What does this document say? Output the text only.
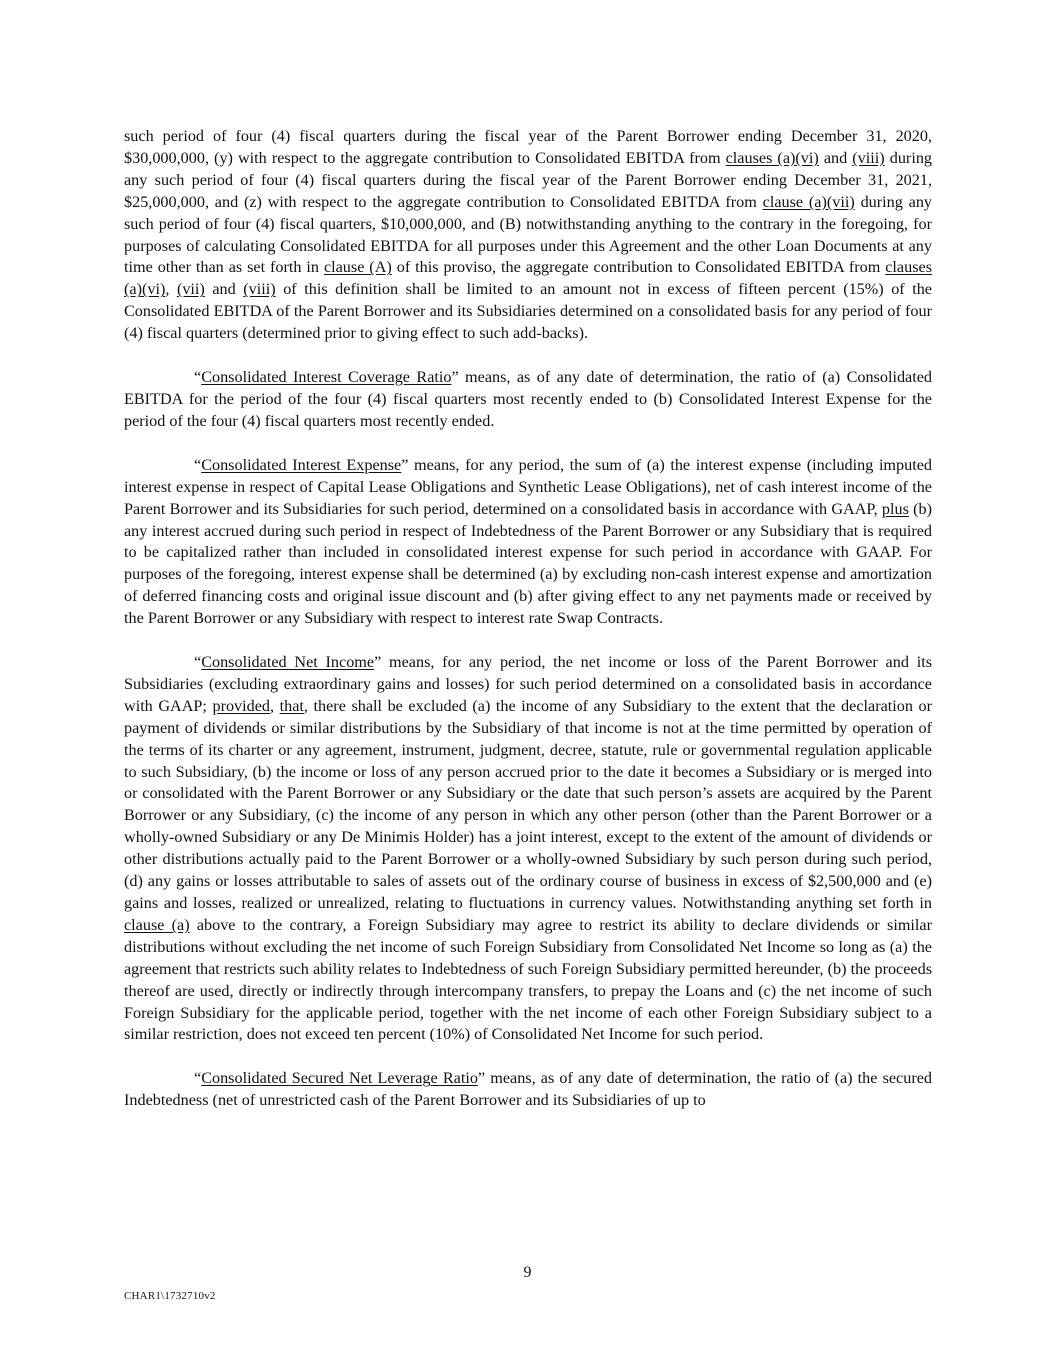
such period of four (4) fiscal quarters during the fiscal year of the Parent Borrower ending December 31, 2020, $30,000,000, (y) with respect to the aggregate contribution to Consolidated EBITDA from clauses (a)(vi) and (viii) during any such period of four (4) fiscal quarters during the fiscal year of the Parent Borrower ending December 31, 2021, $25,000,000, and (z) with respect to the aggregate contribution to Consolidated EBITDA from clause (a)(vii) during any such period of four (4) fiscal quarters, $10,000,000, and (B) notwithstanding anything to the contrary in the foregoing, for purposes of calculating Consolidated EBITDA for all purposes under this Agreement and the other Loan Documents at any time other than as set forth in clause (A) of this proviso, the aggregate contribution to Consolidated EBITDA from clauses (a)(vi), (vii) and (viii) of this definition shall be limited to an amount not in excess of fifteen percent (15%) of the Consolidated EBITDA of the Parent Borrower and its Subsidiaries determined on a consolidated basis for any period of four (4) fiscal quarters (determined prior to giving effect to such add-backs).

“Consolidated Interest Coverage Ratio” means, as of any date of determination, the ratio of (a) Consolidated EBITDA for the period of the four (4) fiscal quarters most recently ended to (b) Consolidated Interest Expense for the period of the four (4) fiscal quarters most recently ended.

“Consolidated Interest Expense” means, for any period, the sum of (a) the interest expense (including imputed interest expense in respect of Capital Lease Obligations and Synthetic Lease Obligations), net of cash interest income of the Parent Borrower and its Subsidiaries for such period, determined on a consolidated basis in accordance with GAAP, plus (b) any interest accrued during such period in respect of Indebtedness of the Parent Borrower or any Subsidiary that is required to be capitalized rather than included in consolidated interest expense for such period in accordance with GAAP. For purposes of the foregoing, interest expense shall be determined (a) by excluding non-cash interest expense and amortization of deferred financing costs and original issue discount and (b) after giving effect to any net payments made or received by the Parent Borrower or any Subsidiary with respect to interest rate Swap Contracts.

“Consolidated Net Income” means, for any period, the net income or loss of the Parent Borrower and its Subsidiaries (excluding extraordinary gains and losses) for such period determined on a consolidated basis in accordance with GAAP; provided, that, there shall be excluded (a) the income of any Subsidiary to the extent that the declaration or payment of dividends or similar distributions by the Subsidiary of that income is not at the time permitted by operation of the terms of its charter or any agreement, instrument, judgment, decree, statute, rule or governmental regulation applicable to such Subsidiary, (b) the income or loss of any person accrued prior to the date it becomes a Subsidiary or is merged into or consolidated with the Parent Borrower or any Subsidiary or the date that such person’s assets are acquired by the Parent Borrower or any Subsidiary, (c) the income of any person in which any other person (other than the Parent Borrower or a wholly-owned Subsidiary or any De Minimis Holder) has a joint interest, except to the extent of the amount of dividends or other distributions actually paid to the Parent Borrower or a wholly-owned Subsidiary by such person during such period, (d) any gains or losses attributable to sales of assets out of the ordinary course of business in excess of $2,500,000 and (e) gains and losses, realized or unrealized, relating to fluctuations in currency values. Notwithstanding anything set forth in clause (a) above to the contrary, a Foreign Subsidiary may agree to restrict its ability to declare dividends or similar distributions without excluding the net income of such Foreign Subsidiary from Consolidated Net Income so long as (a) the agreement that restricts such ability relates to Indebtedness of such Foreign Subsidiary permitted hereunder, (b) the proceeds thereof are used, directly or indirectly through intercompany transfers, to prepay the Loans and (c) the net income of such Foreign Subsidiary for the applicable period, together with the net income of each other Foreign Subsidiary subject to a similar restriction, does not exceed ten percent (10%) of Consolidated Net Income for such period.

“Consolidated Secured Net Leverage Ratio” means, as of any date of determination, the ratio of (a) the secured Indebtedness (net of unrestricted cash of the Parent Borrower and its Subsidiaries of up to

9
CHAR1\1732710v2
